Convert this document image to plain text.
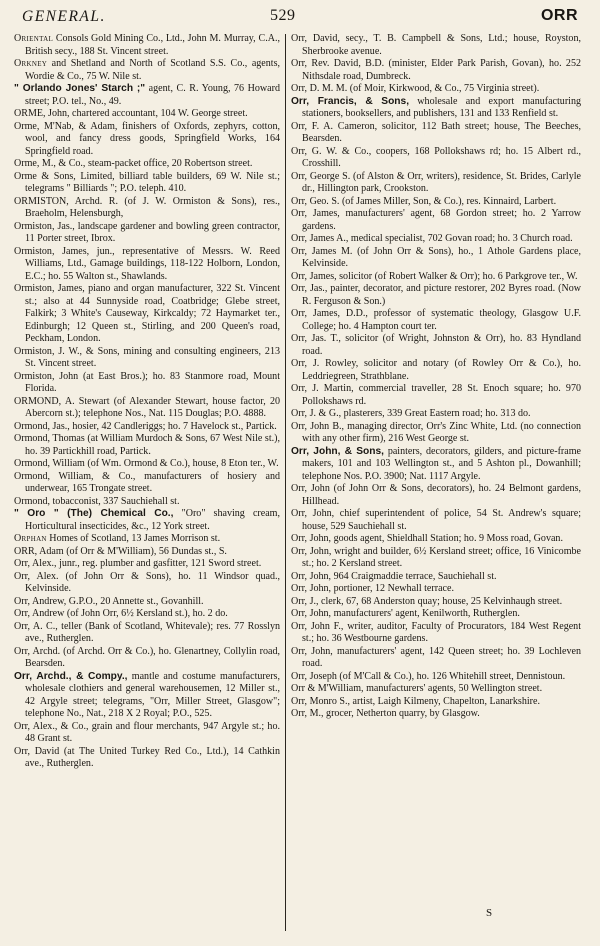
GENERAL.	529	ORR

Oriental Consols Gold Mining Co., Ltd., John M. Murray, C.A., British secy., 188 St. Vincent street.

Orkney and Shetland and North of Scotland S.S. Co., agents, Wordie & Co., 75 W. Nile st.

" Orlando Jones' Starch ;" agent, C. R. Young, 76 Howard street; P.O. tel., No., 49.

ORME, John, chartered accountant, 104 W. George street.

Orme, M'Nab, & Adam, finishers of Oxfords, zephyrs, cotton, wool, and fancy dress goods, Springfield Works, 164 Springfield road.

Orme, M., & Co., steam-packet office, 20 Robertson street.

Orme & Sons, Limited, billiard table builders, 69 W. Nile st.; telegrams " Billiards "; P.O. teleph. 410.

ORMISTON, Archd. R. (of J. W. Ormiston & Sons), res., Braeholm, Helensburgh,

Ormiston, Jas., landscape gardener and bowling green contractor, 11 Porter street, Ibrox.

Ormiston, James, jun., representative of Messrs. W. Reed Williams, Ltd., Gamage buildings, 118-122 Holborn, London, E.C.; ho. 55 Walton st., Shawlands.

Ormiston, James, piano and organ manufacturer, 322 St. Vincent st.; also at 44 Sunnyside road, Coatbridge; Glebe street, Falkirk; 3 White's Causeway, Kirkcaldy; 72 Haymarket ter., Edinburgh; 12 Queen st., Stirling, and 200 Queen's road, Peckham, London.

Ormiston, J. W., & Sons, mining and consulting engineers, 213 St. Vincent street.

Ormiston, John (at East Bros.); ho. 83 Stanmore road, Mount Florida.

ORMOND, A. Stewart (of Alexander Stewart, house factor, 20 Abercorn st.); telephone Nos., Nat. 115 Douglas; P.O. 4888.

Ormond, Jas., hosier, 42 Candleriggs; ho. 7 Havelock st., Partick.

Ormond, Thomas (at William Murdoch & Sons, 67 West Nile st.), ho. 39 Partickhill road, Partick.

Ormond, William (of Wm. Ormond & Co.), house, 8 Eton ter., W.

Ormond, William, & Co., manufacturers of hosiery and underwear, 165 Trongate street.

Ormond, tobacconist, 337 Sauchiehall st.

" Oro " (The) Chemical Co., "Oro" shaving cream, Horticultural insecticides, &c., 12 York street.

Orphan Homes of Scotland, 13 James Morrison st.

ORR, Adam (of Orr & M'William), 56 Dundas st., S.

Orr, Alex., junr., reg. plumber and gasfitter, 121 Sword street.

Orr, Alex. (of John Orr & Sons), ho. 11 Windsor quad., Kelvinside.

Orr, Andrew, G.P.O., 20 Annette st., Govanhill.

Orr, Andrew (of John Orr, 6½ Kersland st.), ho. 2 do.

Orr, A. C., teller (Bank of Scotland, Whitevale); res. 77 Rosslyn ave., Rutherglen.

Orr, Archd. (of Archd. Orr & Co.), ho. Glenartney, Collylin road, Bearsden.

Orr, Archd., & Compy., mantle and costume manufacturers, wholesale clothiers and general warehousemen, 12 Miller st., 42 Argyle street; telegrams, "Orr, Miller Street, Glasgow"; telephone No., Nat., 218 X 2 Royal; P.O., 525.

Orr, Alex., & Co., grain and flour merchants, 947 Argyle st.; ho. 48 Grant st.

Orr, David (at The United Turkey Red Co., Ltd.), 14 Cathkin ave., Rutherglen.

Orr, David, secy., T. B. Campbell & Sons, Ltd.; house, Royston, Sherbrooke avenue.

Orr, Rev. David, B.D. (minister, Elder Park Parish, Govan), ho. 252 Nithsdale road, Dumbreck.

Orr, D. M. M. (of Moir, Kirkwood, & Co., 75 Virginia street).

Orr, Francis, & Sons, wholesale and export manufacturing stationers, booksellers, and publishers, 131 and 133 Renfield st.

Orr, F. A. Cameron, solicitor, 112 Bath street; house, The Beeches, Bearsden.

Orr, G. W. & Co., coopers, 168 Pollokshaws rd; ho. 15 Albert rd., Crosshill.

Orr, George S. (of Alston & Orr, writers), residence, St. Brides, Carlyle dr., Hillington park, Crookston.

Orr, Geo. S. (of James Miller, Son, & Co.), res. Kinnaird, Larbert.

Orr, James, manufacturers' agent, 68 Gordon street; ho. 2 Yarrow gardens.

Orr, James A., medical specialist, 702 Govan road; ho. 3 Church road.

Orr, James M. (of John Orr & Sons), ho., 1 Athole Gardens place, Kelvinside.

Orr, James, solicitor (of Robert Walker & Orr); ho. 6 Parkgrove ter., W.

Orr, Jas., painter, decorator, and picture restorer, 202 Byres road. (Now R. Ferguson & Son.)

Orr, James, D.D., professor of systematic theology, Glasgow U.F. College; ho. 4 Hampton court ter.

Orr, Jas. T., solicitor (of Wright, Johnston & Orr), ho. 83 Hyndland road.

Orr, J. Rowley, solicitor and notary (of Rowley Orr & Co.), ho. Leddriegreen, Strathblane.

Orr, J. Martin, commercial traveller, 28 St. Enoch square; ho. 970 Pollokshaws rd.

Orr, J. & G., plasterers, 339 Great Eastern road; ho. 313 do.

Orr, John B., managing director, Orr's Zinc White, Ltd. (no connection with any other firm), 216 West George st.

Orr, John, & Sons, painters, decorators, gilders, and picture-frame makers, 101 and 103 Wellington st., and 5 Ashton pl., Dowanhill; telephone Nos. P.O. 3900; Nat. 1117 Argyle.

Orr, John (of John Orr & Sons, decorators), ho. 24 Belmont gardens, Hillhead.

Orr, John, chief superintendent of police, 54 St. Andrew's square; house, 529 Sauchiehall st.

Orr, John, goods agent, Shieldhall Station; ho. 9 Moss road, Govan.

Orr, John, wright and builder, 6½ Kersland street; office, 16 Vinicombe st.; ho. 2 Kersland street.

Orr, John, 964 Craigmaddie terrace, Sauchiehall st.

Orr, John, portioner, 12 Newhall terrace.

Orr, J., clerk, 67, 68 Anderston quay; house, 25 Kelvinhaugh street.

Orr, John, manufacturers' agent, Kenilworth, Rutherglen.

Orr, John F., writer, auditor, Faculty of Procurators, 184 West Regent st.; ho. 36 Westbourne gardens.

Orr, John, manufacturers' agent, 142 Queen street; ho. 39 Lochleven road.

Orr, Joseph (of M'Call & Co.), ho. 126 Whitehill street, Dennistoun.

Orr & M'William, manufacturers' agents, 50 Wellington street.

Orr, Monro S., artist, Laigh Kilmeny, Chapelton, Lanarkshire.

Orr, M., grocer, Netherton quarry, by Glasgow.

S
